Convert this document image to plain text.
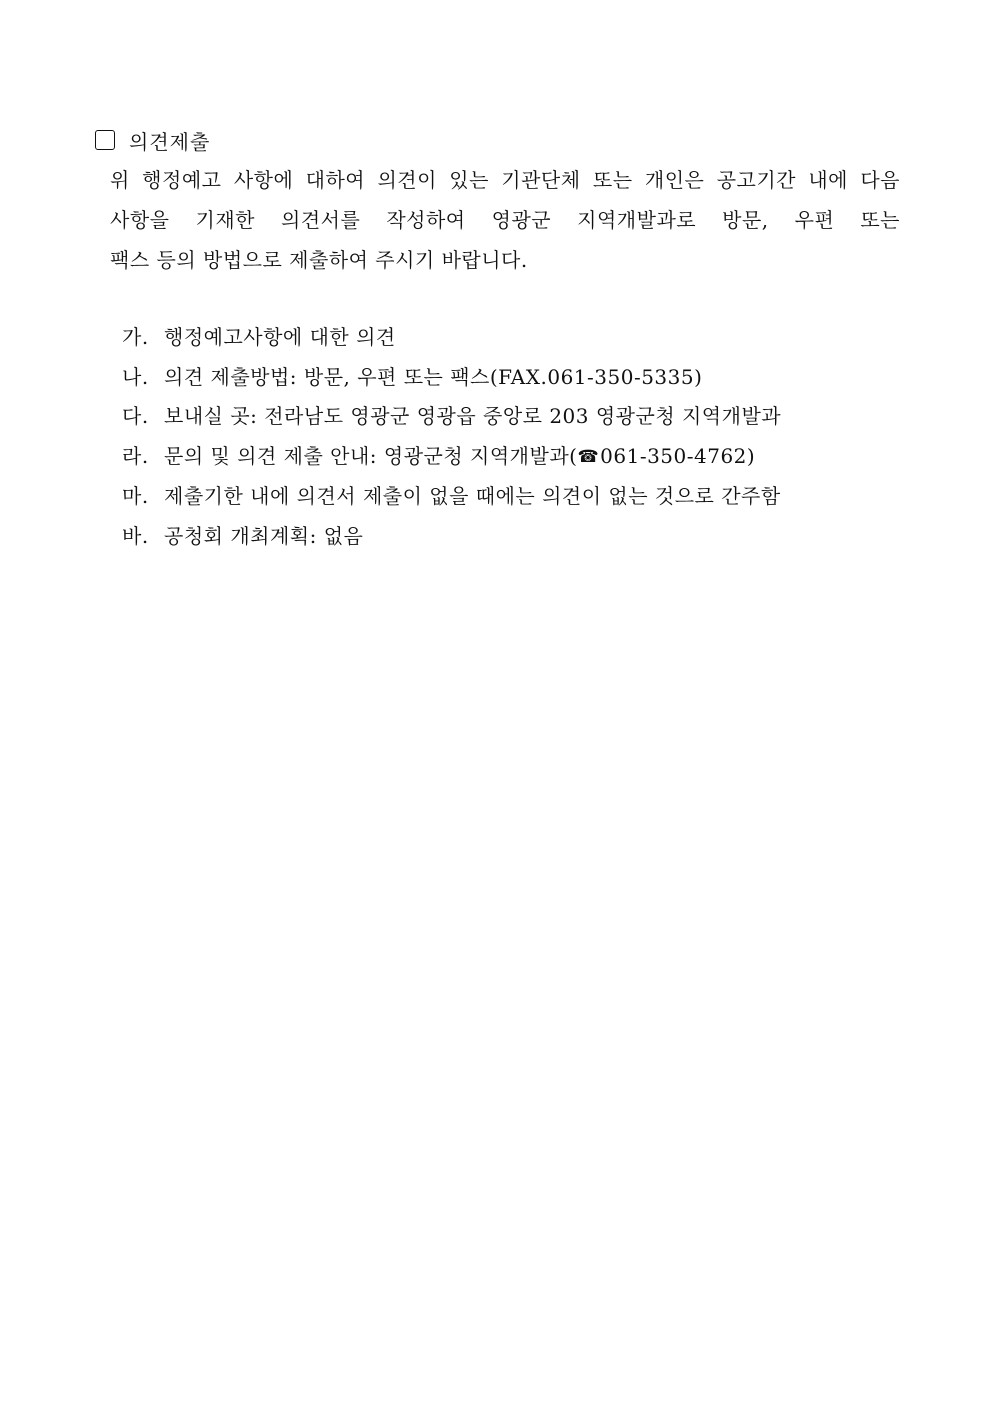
의견제출
위 행정예고 사항에 대하여 의견이 있는 기관단체 또는 개인은 공고기간 내에 다음
사항을 기재한 의견서를 작성하여 영광군 지역개발과로 방문, 우편 또는
팩스 등의 방법으로 제출하여 주시기 바랍니다.
가. 행정예고사항에 대한 의견
나. 의견 제출방법: 방문, 우편 또는 팩스(FAX.061-350-5335)
다. 보내실 곳: 전라남도 영광군 영광읍 중앙로 203 영광군청 지역개발과
라. 문의 및 의견 제출 안내: 영광군청 지역개발과(☎061-350-4762)
마. 제출기한 내에 의견서 제출이 없을 때에는 의견이 없는 것으로 간주함
바. 공청회 개최계획: 없음
